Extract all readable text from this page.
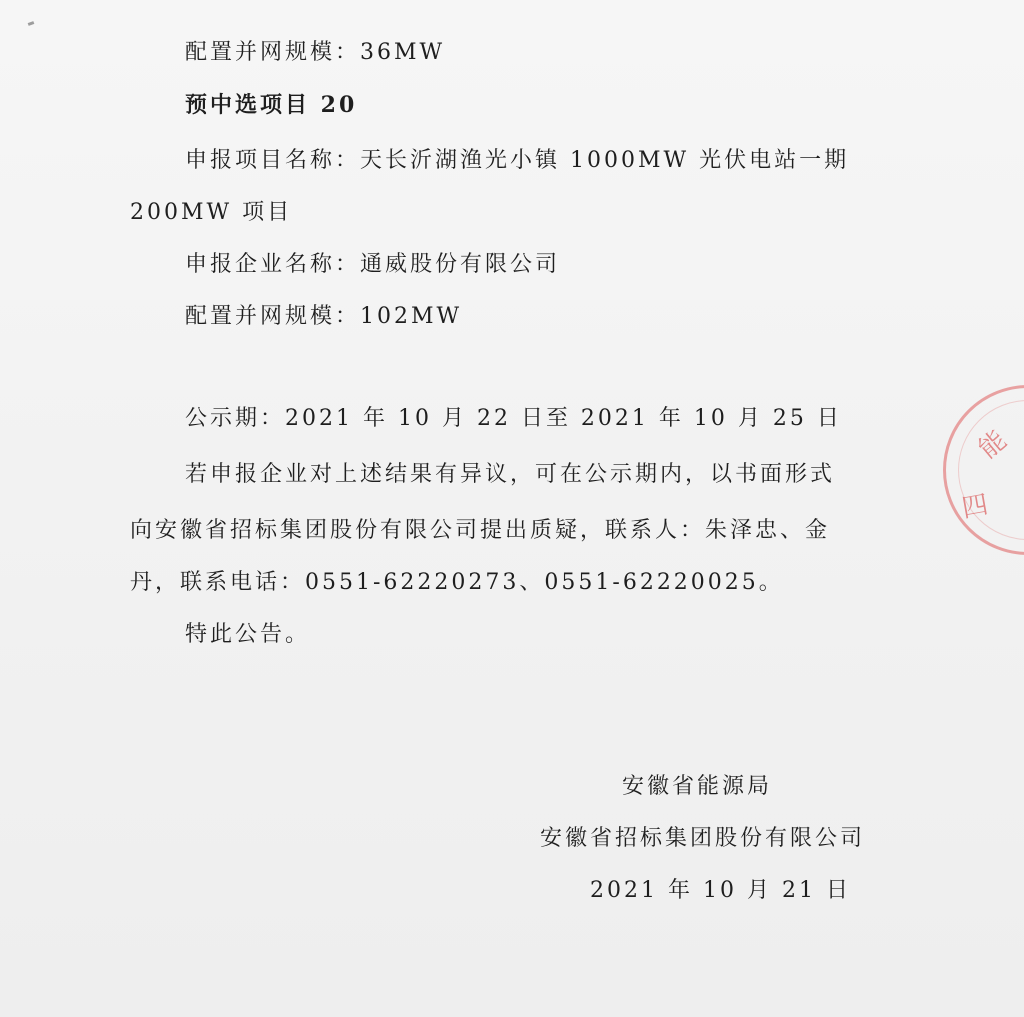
配置并网规模：36MW
预中选项目 20
申报项目名称：天长沂湖渔光小镇 1000MW 光伏电站一期
200MW 项目
申报企业名称：通威股份有限公司
配置并网规模：102MW
公示期：2021 年 10 月 22 日至 2021 年 10 月 25 日
若申报企业对上述结果有异议，可在公示期内，以书面形式
向安徽省招标集团股份有限公司提出质疑，联系人：朱泽忠、金
丹，联系电话：0551-62220273、0551-62220025。
特此公告。
安徽省能源局
安徽省招标集团股份有限公司
2021 年 10 月 21 日
能
四
